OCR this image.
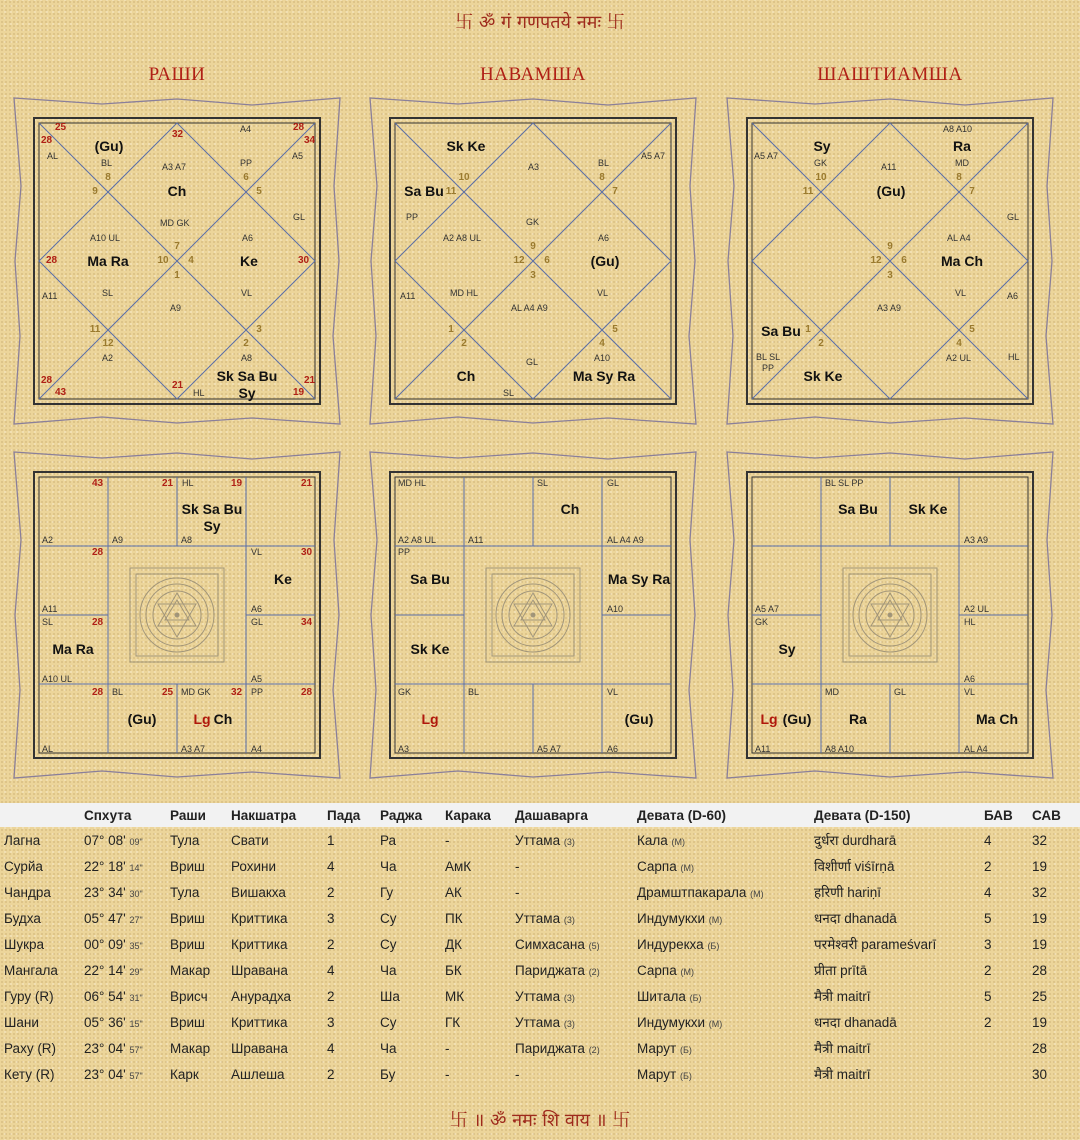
卐 ॐ गं गणपतये नमः 卐
РАШИ	НАВАМША	ШАШТИАМША
(Gu)
Ch
Ma Ra	Ke
Sk Sa Bu
Sy
9
8
7
6
5
10 4
11
1
3
12	2
25
28
32
28
34
28	30
28
43
21	21
19
AL
BL	A3 A7
A4
PP
A5
GL
MD GK
A10 UL	A6
A11	SL
A9
VL
A2	A8
HL
Sk Ke
Sa Bu
(Gu)
Ch	Ma Sy Ra
10
11
8
7
9
12 6
3
1
2
5
4
A3	BL
A5 A7
PP	GK
A2 A8 UL	A6
A11	MD HL	VL
AL A4 A9
GL	A10
SL
Sy	Ra
(Gu)
Ma Ch
Sa Bu
Sk Ke
10
11
8
7
9
12 6
3
1
2
5
4
A8 A10
A5 A7
GK	A11	MD
GL
AL A4
A3 A9
VL	A6
BL SL
PP
A2 UL	HL
Sk Sa Bu
Sy
Ke
Ma Ra
(Gu)	Lg Ch
43	21	19	21
28	30
28	34
28	25	32	28
HL
A2	A9	A8
VL
A11	A6
SL	GL
A10 UL	A5
BL	MD GK	PP
AL	A3 A7	A4
Ch
Sa Bu	Ma Sy Ra
Sk Ke
Lg	(Gu)
MD HL	SL	GL
A2 A8 UL	A11	AL A4 A9
PP
A10
GK	BL	VL
A3	A5 A7	A6
Sa Bu Sk Ke
Sy
Lg (Gu)	Ra	Ma Ch
BL SL PP
A3 A9
A5 A7
GK
A2 UL
HL
A6
MD	GL	VL
A11	A8 A10	AL A4
	Спхута	Раши	Накшатра	Пада	Раджа	Карака	Дашаварга	Девата (D-60)	Девата (D-150)	БАВ	САВ
Лагна	07° 08' 09"	Тула	Свати	1	Ра	-	Уттама (3)	Кала (М)	दुर्धरा durdharā	4	32
Сурйа	22° 18' 14"	Вриш	Рохини	4	Ча	АмК	-	Сарпа (М)	विशीर्णा viśīrṇā	2	19
Чандра	23° 34' 30"	Тула	Вишакха	2	Гу	АК	-	Драмштпакарала (М)	हरिणी hariṇī	4	32
Будха	05° 47' 27"	Вриш	Криттика	3	Су	ПК	Уттама (3)	Индумукхи (М)	धनदा dhanadā	5	19
Шукра	00° 09' 35"	Вриш	Криттика	2	Су	ДК	Симхасана (5)	Индурекха (Б)	परमेश्वरी parameśvarī	3	19
Мангала	22° 14' 29"	Макар	Шравана	4	Ча	БК	Париджата (2)	Сарпа (М)	प्रीता prītā	2	28
Гуру (R)	06° 54' 31"	Врисч	Анурадха	2	Ша	МК	Уттама (3)	Шитала (Б)	मैत्री maitrī	5	25
Шани	05° 36' 15"	Вриш	Криттика	3	Су	ГК	Уттама (3)	Индумукхи (М)	धनदा dhanadā	2	19
Раху (R)	23° 04' 57"	Макар	Шравана	4	Ча	-	Париджата (2)	Марут (Б)	मैत्री maitrī		28
Кету (R)	23° 04' 57"	Карк	Ашлеша	2	Бу	-	-	Марут (Б)	मैत्री maitrī		30
卐 ॥ ॐ नमः शि वाय ॥ 卐
